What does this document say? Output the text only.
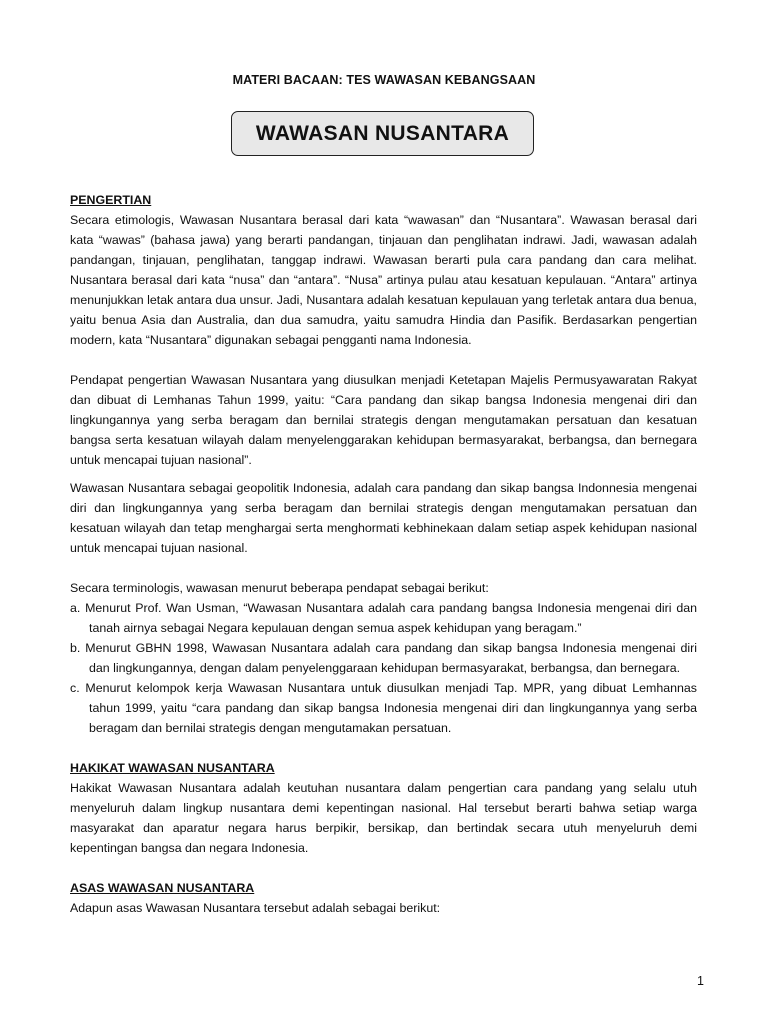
MATERI BACAAN: TES WAWASAN KEBANGSAAN
WAWASAN NUSANTARA

PENGERTIAN

Secara etimologis, Wawasan Nusantara berasal dari kata “wawasan” dan “Nusantara”. Wawasan berasal dari kata “wawas” (bahasa jawa) yang berarti pandangan, tinjauan dan penglihatan indrawi. Jadi, wawasan adalah pandangan, tinjauan, penglihatan, tanggap indrawi. Wawasan berarti pula cara pandang dan cara melihat. Nusantara berasal dari kata “nusa” dan “antara”. “Nusa” artinya pulau atau kesatuan kepulauan. “Antara” artinya menunjukkan letak antara dua unsur. Jadi, Nusantara adalah kesatuan kepulauan yang terletak antara dua benua, yaitu benua Asia dan Australia, dan dua samudra, yaitu samudra Hindia dan Pasifik. Berdasarkan pengertian modern, kata “Nusantara” digunakan sebagai pengganti nama Indonesia.

Pendapat pengertian Wawasan Nusantara yang diusulkan menjadi Ketetapan Majelis Permusyawaratan Rakyat dan dibuat di Lemhanas Tahun 1999, yaitu: “Cara pandang dan sikap bangsa Indonesia mengenai diri dan lingkungannya yang serba beragam dan bernilai strategis dengan mengutamakan persatuan dan kesatuan bangsa serta kesatuan wilayah dalam menyelenggarakan kehidupan bermasyarakat, berbangsa, dan bernegara untuk mencapai tujuan nasional”.

Wawasan Nusantara sebagai geopolitik Indonesia, adalah cara pandang dan sikap bangsa Indonnesia mengenai diri dan lingkungannya yang serba beragam dan bernilai strategis dengan mengutamakan persatuan dan kesatuan wilayah dan tetap menghargai serta menghormati kebhinekaan dalam setiap aspek kehidupan nasional untuk mencapai tujuan nasional.

Secara terminologis, wawasan menurut beberapa pendapat sebagai berikut:

a. Menurut Prof. Wan Usman, “Wawasan Nusantara adalah cara pandang bangsa Indonesia mengenai diri dan tanah airnya sebagai Negara kepulauan dengan semua aspek kehidupan yang beragam.”

b. Menurut GBHN 1998, Wawasan Nusantara adalah cara pandang dan sikap bangsa Indonesia mengenai diri dan lingkungannya, dengan dalam penyelenggaraan kehidupan bermasyarakat, berbangsa, dan bernegara.

c. Menurut kelompok kerja Wawasan Nusantara untuk diusulkan menjadi Tap. MPR, yang dibuat Lemhannas tahun 1999, yaitu “cara pandang dan sikap bangsa Indonesia mengenai diri dan lingkungannya yang serba beragam dan bernilai strategis dengan mengutamakan persatuan.

HAKIKAT WAWASAN NUSANTARA

Hakikat Wawasan Nusantara adalah keutuhan nusantara dalam pengertian cara pandang yang selalu utuh menyeluruh dalam lingkup nusantara demi kepentingan nasional. Hal tersebut berarti bahwa setiap warga masyarakat dan aparatur negara harus berpikir, bersikap, dan bertindak secara utuh menyeluruh demi kepentingan bangsa dan negara Indonesia.

ASAS WAWASAN NUSANTARA

Adapun asas Wawasan Nusantara tersebut adalah sebagai berikut:

1
